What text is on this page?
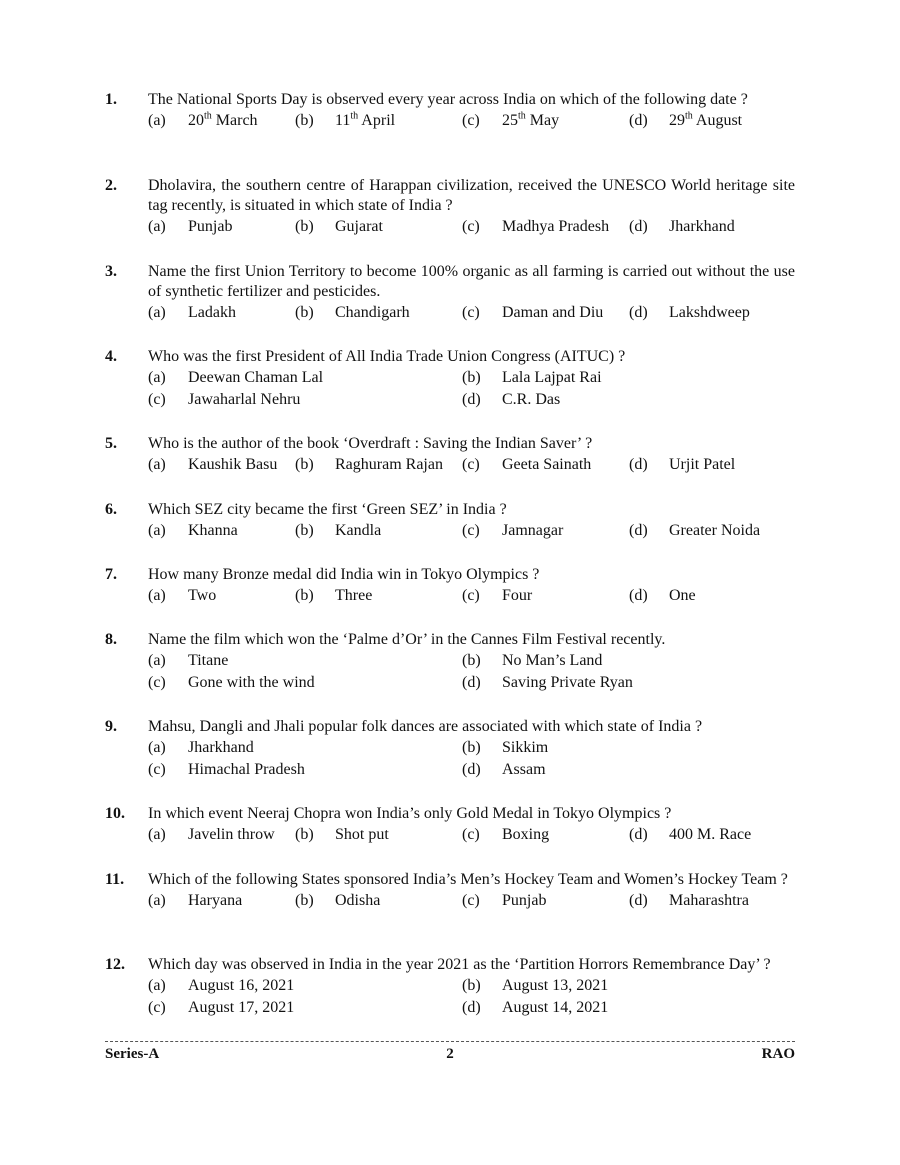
1.	The National Sports Day is observed every year across India on which of the following date ?
(a)	20th March (b)	11th April	(c)	25th May	(d)	29th August
2.	Dholavira, the southern centre of Harappan civilization, received the UNESCO World heritage site tag recently, is situated in which state of India ?
(a)	Punjab	(b)	Gujarat	(c)	Madhya Pradesh (d)	Jharkhand
3.	Name the first Union Territory to become 100% organic as all farming is carried out without the use of synthetic fertilizer and pesticides.
(a)	Ladakh	(b)	Chandigarh	(c)	Daman and Diu (d)	Lakshdweep
4.	Who was the first President of All India Trade Union Congress (AITUC) ?
(a)	Deewan Chaman Lal	(b)	Lala Lajpat Rai
(c)	Jawaharlal Nehru	(d)	C.R. Das
5.	Who is the author of the book ‘Overdraft : Saving the Indian Saver’ ?
(a)	Kaushik Basu (b)	Raghuram Rajan (c)	Geeta Sainath (d)	Urjit Patel
6.	Which SEZ city became the first ‘Green SEZ’ in India ?
(a)	Khanna	(b)	Kandla	(c)	Jamnagar	(d)	Greater Noida
7.	How many Bronze medal did India win in Tokyo Olympics ?
(a)	Two	(b)	Three	(c)	Four	(d)	One
8.	Name the film which won the ‘Palme d’Or’ in the Cannes Film Festival recently.
(a)	Titane	(b)	No Man’s Land
(c)	Gone with the wind	(d)	Saving Private Ryan
9.	Mahsu, Dangli and Jhali popular folk dances are associated with which state of India ?
(a)	Jharkhand	(b)	Sikkim
(c)	Himachal Pradesh	(d)	Assam
10.	In which event Neeraj Chopra won India’s only Gold Medal in Tokyo Olympics ?
(a)	Javelin throw (b)	Shot put	(c)	Boxing	(d)	400 M. Race
11.	Which of the following States sponsored India’s Men’s Hockey Team and Women’s Hockey Team ?
(a)	Haryana	(b)	Odisha	(c)	Punjab	(d)	Maharashtra
12.	Which day was observed in India in the year 2021 as the ‘Partition Horrors Remembrance Day’ ?
(a)	August 16, 2021	(b)	August 13, 2021
(c)	August 17, 2021	(d)	August 14, 2021
Series-A	2	RAO
